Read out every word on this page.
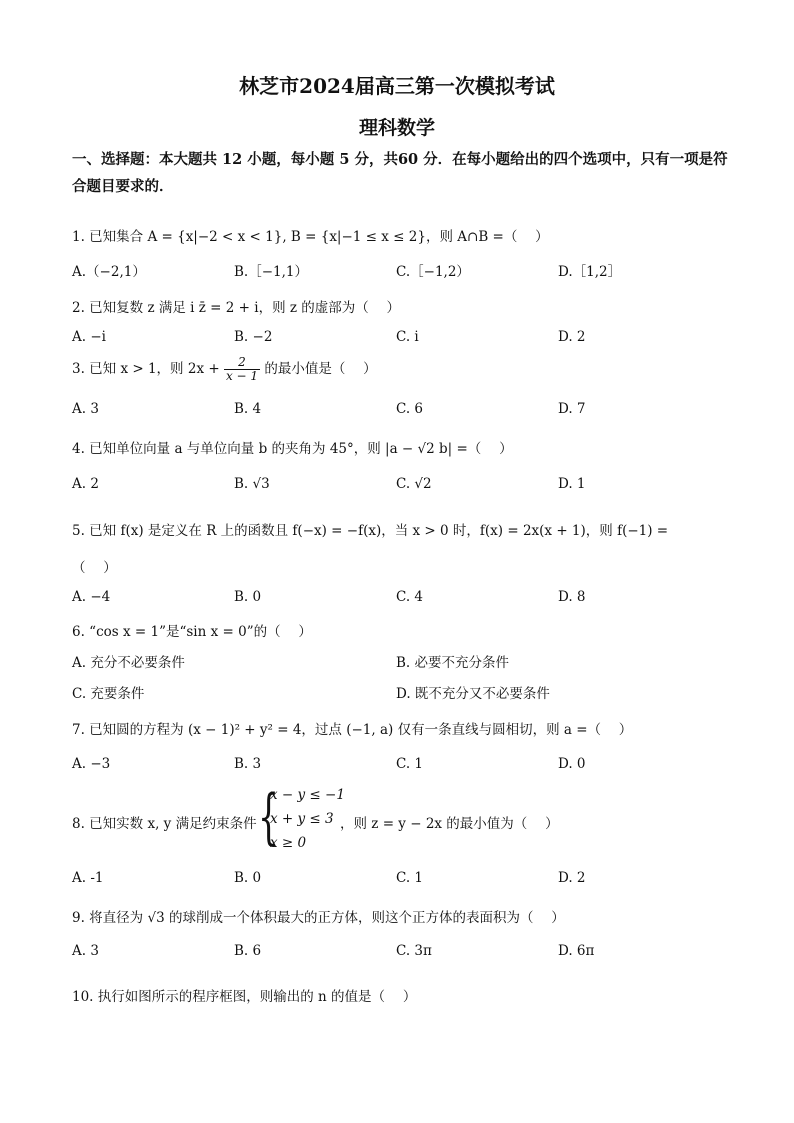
林芝市2024届高三第一次模拟考试
理科数学
一、选择题：本大题共 12 小题，每小题 5 分，共60 分．在每小题给出的四个选项中，只有一项是符合题目要求的．
1. 已知集合 A = {x|−2 < x < 1}, B = {x|−1 ≤ x ≤ 2}，则 A∩B =（　 ）
A.（−2,1）	B.［−1,1）	C.［−1,2）	D.［1,2］
2. 已知复数 z 满足 i z̄ = 2 + i，则 z 的虚部为（　 ）
A. −i	B. −2	C. i	D. 2
3. 已知 x > 1，则 $2x + \frac{2}{x - 1}$ 的最小值是（　 ）
A. 3	B. 4	C. 6	D. 7
4. 已知单位向量 a 与单位向量 b 的夹角为 45°，则 |a − √2 b| =（　 ）
A. 2	B. √3	C. √2	D. 1
5. 已知 f(x) 是定义在 R 上的函数且 f(−x) = −f(x)，当 x > 0 时，f(x) = 2x(x + 1)，则 f(−1) =
（　 ）
A. −4	B. 0	C. 4	D. 8
6. “cos x = 1”是“sin x = 0”的（　 ）
A. 充分不必要条件	B. 必要不充分条件
C. 充要条件	D. 既不充分又不必要条件
7. 已知圆的方程为 (x − 1)² + y² = 4，过点 (−1, a) 仅有一条直线与圆相切，则 a =（　 ）
A. −3	B. 3	C. 1	D. 0
8. 已知实数 x, y 满足约束条件 {
x − y ≤ −1
x + y ≤ 3
x ≥ 0
，则 z = y − 2x 的最小值为（　 ）
A. -1	B. 0	C. 1	D. 2
9. 将直径为 √3 的球削成一个体积最大的正方体，则这个正方体的表面积为（　 ）
A. 3	B. 6	C. 3π	D. 6π
10. 执行如图所示的程序框图，则输出的 n 的值是（　 ）
